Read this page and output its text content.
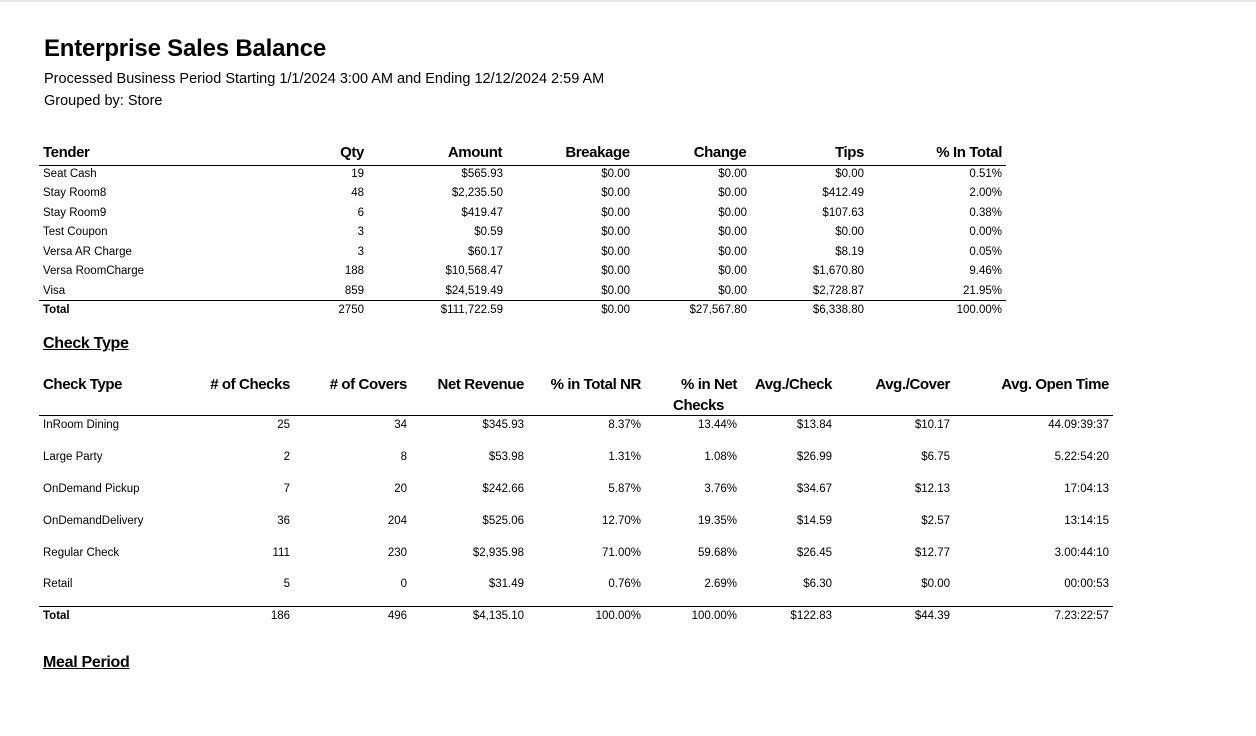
Enterprise Sales Balance
Processed Business Period Starting 1/1/2024 3:00 AM and Ending 12/12/2024 2:59 AM
Grouped by: Store
Tender	Qty	Amount	Breakage	Change	Tips	% In Total
Seat Cash	19	$565.93	$0.00	$0.00	$0.00	0.51%
Stay Room8	48	$2,235.50	$0.00	$0.00	$412.49	2.00%
Stay Room9	6	$419.47	$0.00	$0.00	$107.63	0.38%
Test Coupon	3	$0.59	$0.00	$0.00	$0.00	0.00%
Versa AR Charge	3	$60.17	$0.00	$0.00	$8.19	0.05%
Versa RoomCharge	188	$10,568.47	$0.00	$0.00	$1,670.80	9.46%
Visa	859	$24,519.49	$0.00	$0.00	$2,728.87	21.95%
Total	2750	$111,722.59	$0.00	$27,567.80	$6,338.80	100.00%
Check Type
Check Type	# of Checks	# of Covers	Net Revenue	% in Total NR	% in Net	Avg./Check	Avg./Cover	Avg. Open Time
Checks
InRoom Dining	25	34	$345.93	8.37%	13.44%	$13.84	$10.17	44.09:39:37
Large Party	2	8	$53.98	1.31%	1.08%	$26.99	$6.75	5.22:54:20
OnDemand Pickup	7	20	$242.66	5.87%	3.76%	$34.67	$12.13	17:04:13
OnDemandDelivery	36	204	$525.06	12.70%	19.35%	$14.59	$2.57	13:14:15
Regular Check	111	230	$2,935.98	71.00%	59.68%	$26.45	$12.77	3.00:44:10
Retail	5	0	$31.49	0.76%	2.69%	$6.30	$0.00	00:00:53
Total	186	496	$4,135.10	100.00%	100.00%	$122.83	$44.39	7.23:22:57
Meal Period
